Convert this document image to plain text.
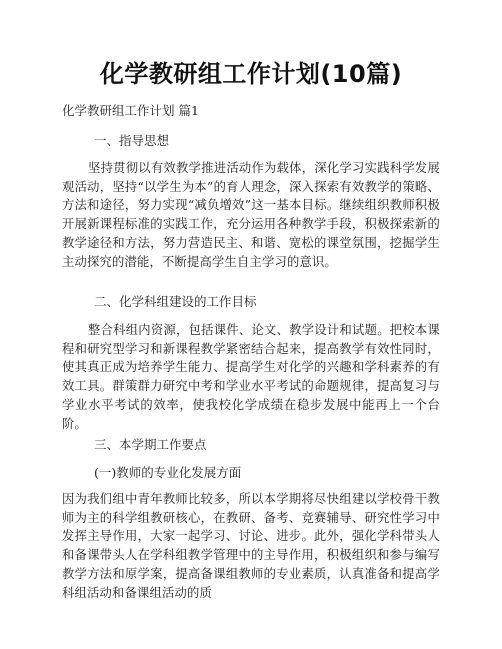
化学教研组工作计划(10篇)
化学教研组工作计划 篇1
一、指导思想

坚持贯彻以有效教学推进活动作为载体，深化学习实践科学发展观活动，坚持“以学生为本”的育人理念，深入探索有效教学的策略、方法和途径，努力实现“减负增效”这一基本目标。继续组织教师积极开展新课程标准的实践工作，充分运用各种教学手段，积极探索新的教学途径和方法，努力营造民主、和谐、宽松的课堂氛围，挖掘学生主动探究的潜能，不断提高学生自主学习的意识。

二、化学科组建设的工作目标

整合科组内资源，包括课件、论文、教学设计和试题。把校本课程和研究型学习和新课程教学紧密结合起来，提高教学有效性同时，使其真正成为培养学生能力、提高学生对化学的兴趣和学科素养的有效工具。群策群力研究中考和学业水平考试的命题规律，提高复习与学业水平考试的效率，使我校化学成绩在稳步发展中能再上一个台阶。

三、本学期工作要点
(一)教师的专业化发展方面

因为我们组中青年教师比较多，所以本学期将尽快组建以学校骨干教师为主的科学组教研核心，在教研、备考、竞赛辅导、研究性学习中发挥主导作用，大家一起学习、讨论、进步。此外，强化学科带头人和备课带头人在学科组教学管理中的主导作用，积极组织和参与编写教学方法和原学案，提高备课组教师的专业素质，认真准备和提高学科组活动和备课组活动的质
